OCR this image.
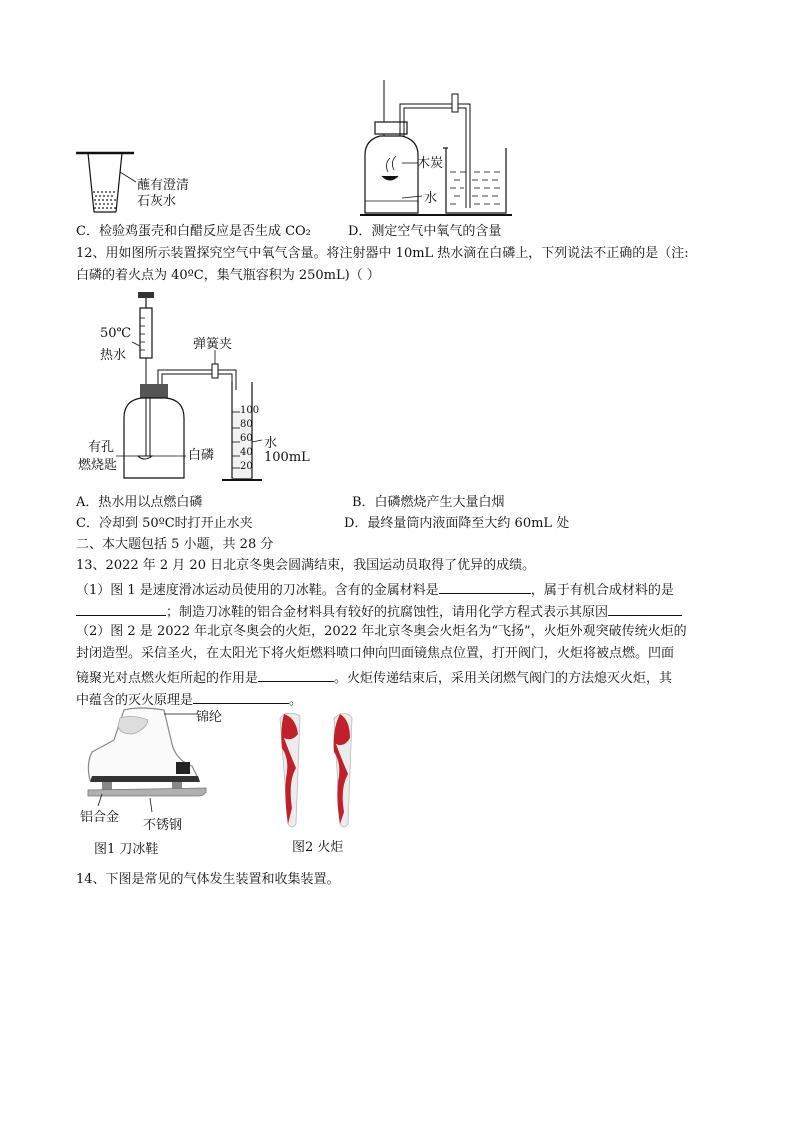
蘸有澄清
石灰水
木炭
水
C．检验鸡蛋壳和白醋反应是否生成 CO₂	D．测定空气中氧气的含量
12、用如图所示装置探究空气中氧气含量。将注射器中 10mL 热水滴在白磷上，下列说法不正确的是（注:
白磷的着火点为 40ºC，集气瓶容积为 250mL)（ ）
50℃
热水
弹簧夹
有孔
燃烧匙
白磷
水
100mL
100
80
60
40
20
A．热水用以点燃白磷	B．白磷燃烧产生大量白烟
C．冷却到 50ºC时打开止水夹	D．最终量筒内液面降至大约 60mL 处
二、本大题包括 5 小题，共 28 分
13、2022 年 2 月 20 日北京冬奥会圆满结束，我国运动员取得了优异的成绩。
（1）图 1 是速度滑冰运动员使用的刀冰鞋。含有的金属材料是	，属于有机合成材料的是
；制造刀冰鞋的铝合金材料具有较好的抗腐蚀性，请用化学方程式表示其原因
（2）图 2 是 2022 年北京冬奥会的火炬，2022 年北京冬奥会火炬名为“飞扬”，火炬外观突破传统火炬的
封闭造型。采信圣火，在太阳光下将火炬燃料喷口伸向凹面镜焦点位置，打开阀门，火炬将被点燃。凹面
镜聚光对点燃火炬所起的作用是	。火炬传递结束后，采用关闭燃气阀门的方法熄灭火炬，其
中蕴含的灭火原理是	。
锦纶
铝合金
不锈钢
图1 刀冰鞋	图2 火炬
14、下图是常见的气体发生装置和收集装置。
